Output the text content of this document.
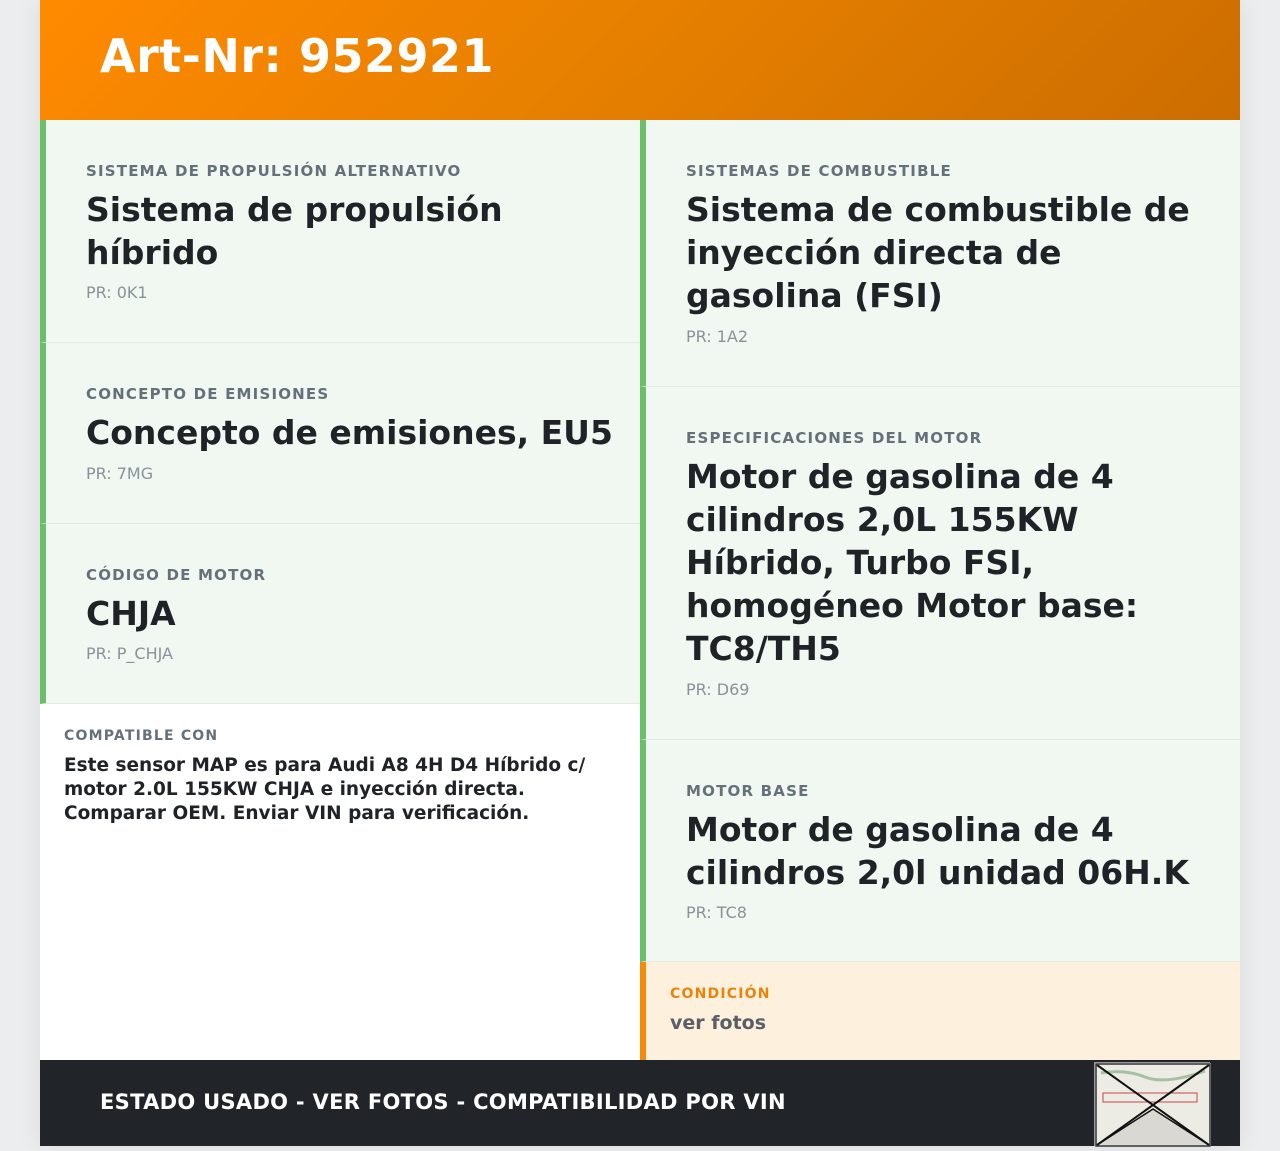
Art-Nr: 952921
SISTEMA DE PROPULSIÓN ALTERNATIVO
Sistema de propulsión híbrido
PR: 0K1
CONCEPTO DE EMISIONES
Concepto de emisiones, EU5
PR: 7MG
CÓDIGO DE MOTOR
CHJA
PR: P_CHJA
COMPATIBLE CON
Este sensor MAP es para Audi A8 4H D4 Híbrido c/ motor 2.0L 155KW CHJA e inyección directa. Comparar OEM. Enviar VIN para verificación.
SISTEMAS DE COMBUSTIBLE
Sistema de combustible de inyección directa de gasolina (FSI)
PR: 1A2
ESPECIFICACIONES DEL MOTOR
Motor de gasolina de 4 cilindros 2,0L 155KW Híbrido, Turbo FSI, homogéneo Motor base: TC8/TH5
PR: D69
MOTOR BASE
Motor de gasolina de 4 cilindros 2,0l unidad 06H.K
PR: TC8
CONDICIÓN
ver fotos
ESTADO USADO - VER FOTOS - COMPATIBILIDAD POR VIN
